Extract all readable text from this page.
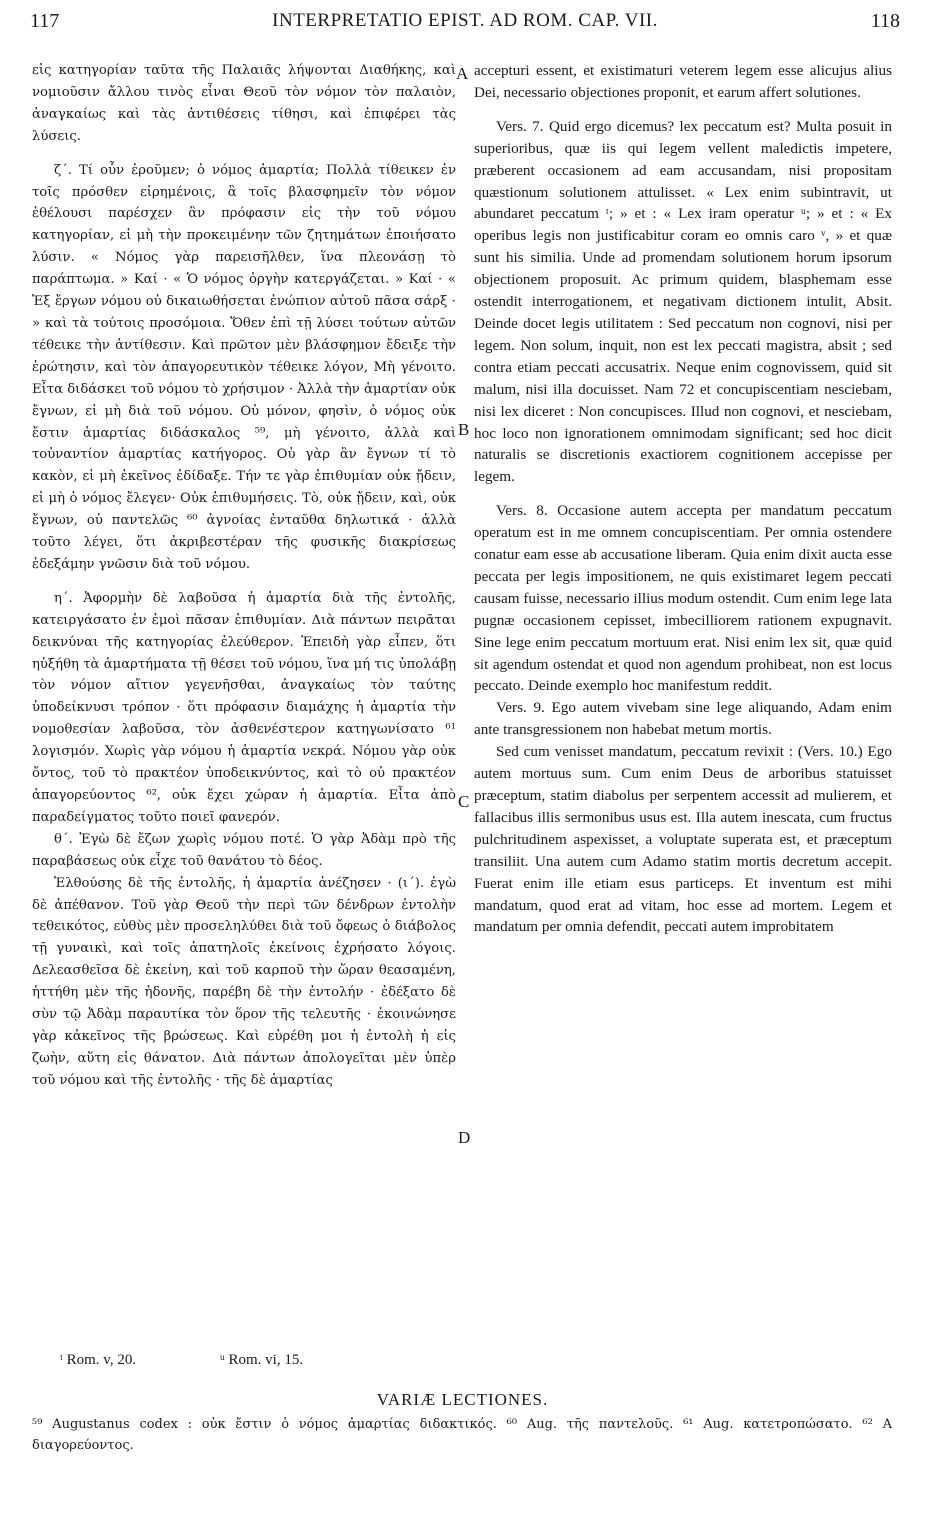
117	INTERPRETATIO EPIST. AD ROM. CAP. VII.	118

εἰς κατηγορίαν ταῦτα τῆς Παλαιᾶς λήψονται Διαθήκης, καὶ νομιοῦσιν ἄλλου τινὸς εἶναι Θεοῦ τὸν νόμον τὸν παλαιὸν, ἀναγκαίως καὶ τὰς ἀντιθέσεις τίθησι, καὶ ἐπιφέρει τὰς λύσεις.

ζ΄. Τί οὖν ἐροῦμεν; ὁ νόμος ἁμαρτία; Πολλὰ τίθεικεν ἐν τοῖς πρόσθεν εἰρημένοις, ἃ τοῖς βλασφημεῖν τὸν νόμον ἐθέλουσι παρέσχεν ἂν πρόφασιν εἰς τὴν τοῦ νόμου κατηγορίαν, εἰ μὴ τὴν προκειμένην τῶν ζητημάτων ἐποιήσατο λύσιν. « Νόμος γὰρ παρεισῆλθεν, ἵνα πλεονάσῃ τὸ παράπτωμα. » Καί · « Ὁ νόμος ὀργὴν κατεργάζεται. » Καί · « Ἐξ ἔργων νόμου οὐ δικαιωθήσεται ἐνώπιον αὐτοῦ πᾶσα σάρξ · » καὶ τὰ τούτοις προσόμοια. Ὅθεν ἐπὶ τῇ λύσει τούτων αὐτῶν τέθεικε τὴν ἀντίθεσιν. Καὶ πρῶτον μὲν βλάσφημον ἔδειξε τὴν ἐρώτησιν, καὶ τὸν ἀπαγορευτικὸν τέθεικε λόγον, Μὴ γένοιτο. Εἶτα διδάσκει τοῦ νόμου τὸ χρήσιμον · Ἀλλὰ τὴν ἁμαρτίαν οὐκ ἔγνων, εἰ μὴ διὰ τοῦ νόμου. Οὐ μόνον, φησὶν, ὁ νόμος οὐκ ἔστιν ἁμαρτίας διδάσκαλος ⁵⁹, μὴ γένοιτο, ἀλλὰ καὶ τοὐναντίον ἁμαρτίας κατήγορος. Οὐ γὰρ ἂν ἔγνων τί τὸ κακὸν, εἰ μὴ ἐκεῖνος ἐδίδαξε. Τήν τε γὰρ ἐπιθυμίαν οὐκ ᾔδειν, εἰ μὴ ὁ νόμος ἔλεγεν· Οὐκ ἐπιθυμήσεις. Τὸ, οὐκ ᾔδειν, καὶ, οὐκ ἔγνων, οὐ παντελῶς ⁶⁰ ἀγνοίας ἐνταῦθα δηλωτικά · ἀλλὰ τοῦτο λέγει, ὅτι ἀκριβεστέραν τῆς φυσικῆς διακρίσεως ἐδεξάμην γνῶσιν διὰ τοῦ νόμου.

η΄. Ἀφορμὴν δὲ λαβοῦσα ἡ ἁμαρτία διὰ τῆς ἐντολῆς, κατειργάσατο ἐν ἐμοὶ πᾶσαν ἐπιθυμίαν. Διὰ πάντων πειρᾶται δεικνύναι τῆς κατηγορίας ἐλεύθερον. Ἐπειδὴ γὰρ εἶπεν, ὅτι ηὐξήθη τὰ ἁμαρτήματα τῇ θέσει τοῦ νόμου, ἵνα μή τις ὑπολάβῃ τὸν νόμον αἴτιον γεγενῆσθαι, ἀναγκαίως τὸν ταύτης ὑποδείκνυσι τρόπον · ὅτι πρόφασιν διαμάχης ἡ ἁμαρτία τὴν νομοθεσίαν λαβοῦσα, τὸν ἀσθενέστερον κατηγωνίσατο ⁶¹ λογισμόν. Χωρὶς γὰρ νόμου ἡ ἁμαρτία νεκρά. Νόμου γὰρ οὐκ ὄντος, τοῦ τὸ πρακτέον ὑποδεικνύντος, καὶ τὸ οὐ πρακτέον ἀπαγορεύοντος ⁶², οὐκ ἔχει χώραν ἡ ἁμαρτία. Εἶτα ἀπὸ παραδείγματος τοῦτο ποιεῖ φανερόν.

θ΄. Ἐγὼ δὲ ἔζων χωρὶς νόμου ποτέ. Ὁ γὰρ Ἀδὰμ πρὸ τῆς παραβάσεως οὐκ εἶχε τοῦ θανάτου τὸ δέος.

Ἐλθούσης δὲ τῆς ἐντολῆς, ἡ ἁμαρτία ἀνέζησεν · (ι΄). ἐγὼ δὲ ἀπέθανον. Τοῦ γὰρ Θεοῦ τὴν περὶ τῶν δένδρων ἐντολὴν τεθεικότος, εὐθὺς μὲν προσεληλύθει διὰ τοῦ ὄφεως ὁ διάβολος τῇ γυναικὶ, καὶ τοῖς ἀπατηλοῖς ἐκείνοις ἐχρήσατο λόγοις. Δελεασθεῖσα δὲ ἐκείνη, καὶ τοῦ καρποῦ τὴν ὥραν θεασαμένη, ἡττήθη μὲν τῆς ἡδονῆς, παρέβη δὲ τὴν ἐντολήν · ἐδέξατο δὲ σὺν τῷ Ἀδὰμ παραυτίκα τὸν ὅρον τῆς τελευτῆς · ἐκοινώνησε γὰρ κἀκεῖνος τῆς βρώσεως. Καὶ εὑρέθη μοι ἡ ἐντολὴ ἡ εἰς ζωὴν, αὕτη εἰς θάνατον. Διὰ πάντων ἀπολογεῖται μὲν ὑπὲρ τοῦ νόμου καὶ τῆς ἐντολῆς · τῆς δὲ ἁμαρτίας

accepturi essent, et existimaturi veterem legem esse alicujus alius Dei, necessario objectiones proponit, et earum affert solutiones.

Vers. 7. Quid ergo dicemus? lex peccatum est? Multa posuit in superioribus, quæ iis qui legem vellent maledictis impetere, præberent occasionem ad eam accusandam, nisi propositam quæstionum solutionem attulisset. « Lex enim subintravit, ut abundaret peccatum ᵗ; » et : « Lex iram operatur ᵘ; » et : « Ex operibus legis non justificabitur coram eo omnis caro ᵛ, » et quæ sunt his similia. Unde ad promendam solutionem horum ipsorum objectionem proposuit. Ac primum quidem, blasphemam esse ostendit interrogationem, et negativam dictionem intulit, Absit. Deinde docet legis utilitatem : Sed peccatum non cognovi, nisi per legem. Non solum, inquit, non est lex peccati magistra, absit ; sed contra etiam peccati accusatrix. Neque enim cognovissem, quid sit malum, nisi illa docuisset. Nam 72 et concupiscentiam nesciebam, nisi lex diceret : Non concupisces. Illud non cognovi, et nesciebam, hoc loco non ignorationem omnimodam significant; sed hoc dicit naturalis se discretionis exactiorem cognitionem accepisse per legem.

Vers. 8. Occasione autem accepta per mandatum peccatum operatum est in me omnem concupiscentiam. Per omnia ostendere conatur eam esse ab accusatione liberam. Quia enim dixit aucta esse peccata per legis impositionem, ne quis existimaret legem peccati causam fuisse, necessario illius modum ostendit. Cum enim lege lata pugnæ occasionem cepisset, imbecilliorem rationem expugnavit. Sine lege enim peccatum mortuum erat. Nisi enim lex sit, quæ quid sit agendum ostendat et quod non agendum prohibeat, non est locus peccato. Deinde exemplo hoc manifestum reddit.

Vers. 9. Ego autem vivebam sine lege aliquando, Adam enim ante transgressionem non habebat metum mortis.

Sed cum venisset mandatum, peccatum revixit : (Vers. 10.) Ego autem mortuus sum. Cum enim Deus de arboribus statuisset præceptum, statim diabolus per serpentem accessit ad mulierem, et fallacibus illis sermonibus usus est. Illa autem inescata, cum fructus pulchritudinem aspexisset, a voluptate superata est, et præceptum transiliit. Una autem cum Adamo statim mortis decretum accepit. Fuerat enim ille etiam esus particeps. Et inventum est mihi mandatum, quod erat ad vitam, hoc esse ad mortem. Legem et mandatum per omnia defendit, peccati autem improbitatem

A
B
C
D
ᵗ Rom. v, 20.	ᵘ Rom. vi, 15.
VARIÆ LECTIONES.
⁵⁹ Augustanus codex : οὐκ ἔστιν ὁ νόμος ἁμαρτίας διδακτικός. ⁶⁰ Aug. τῆς παντελοῦς. ⁶¹ Aug. κατετροπώσατο. ⁶² A διαγορεύοντος.
